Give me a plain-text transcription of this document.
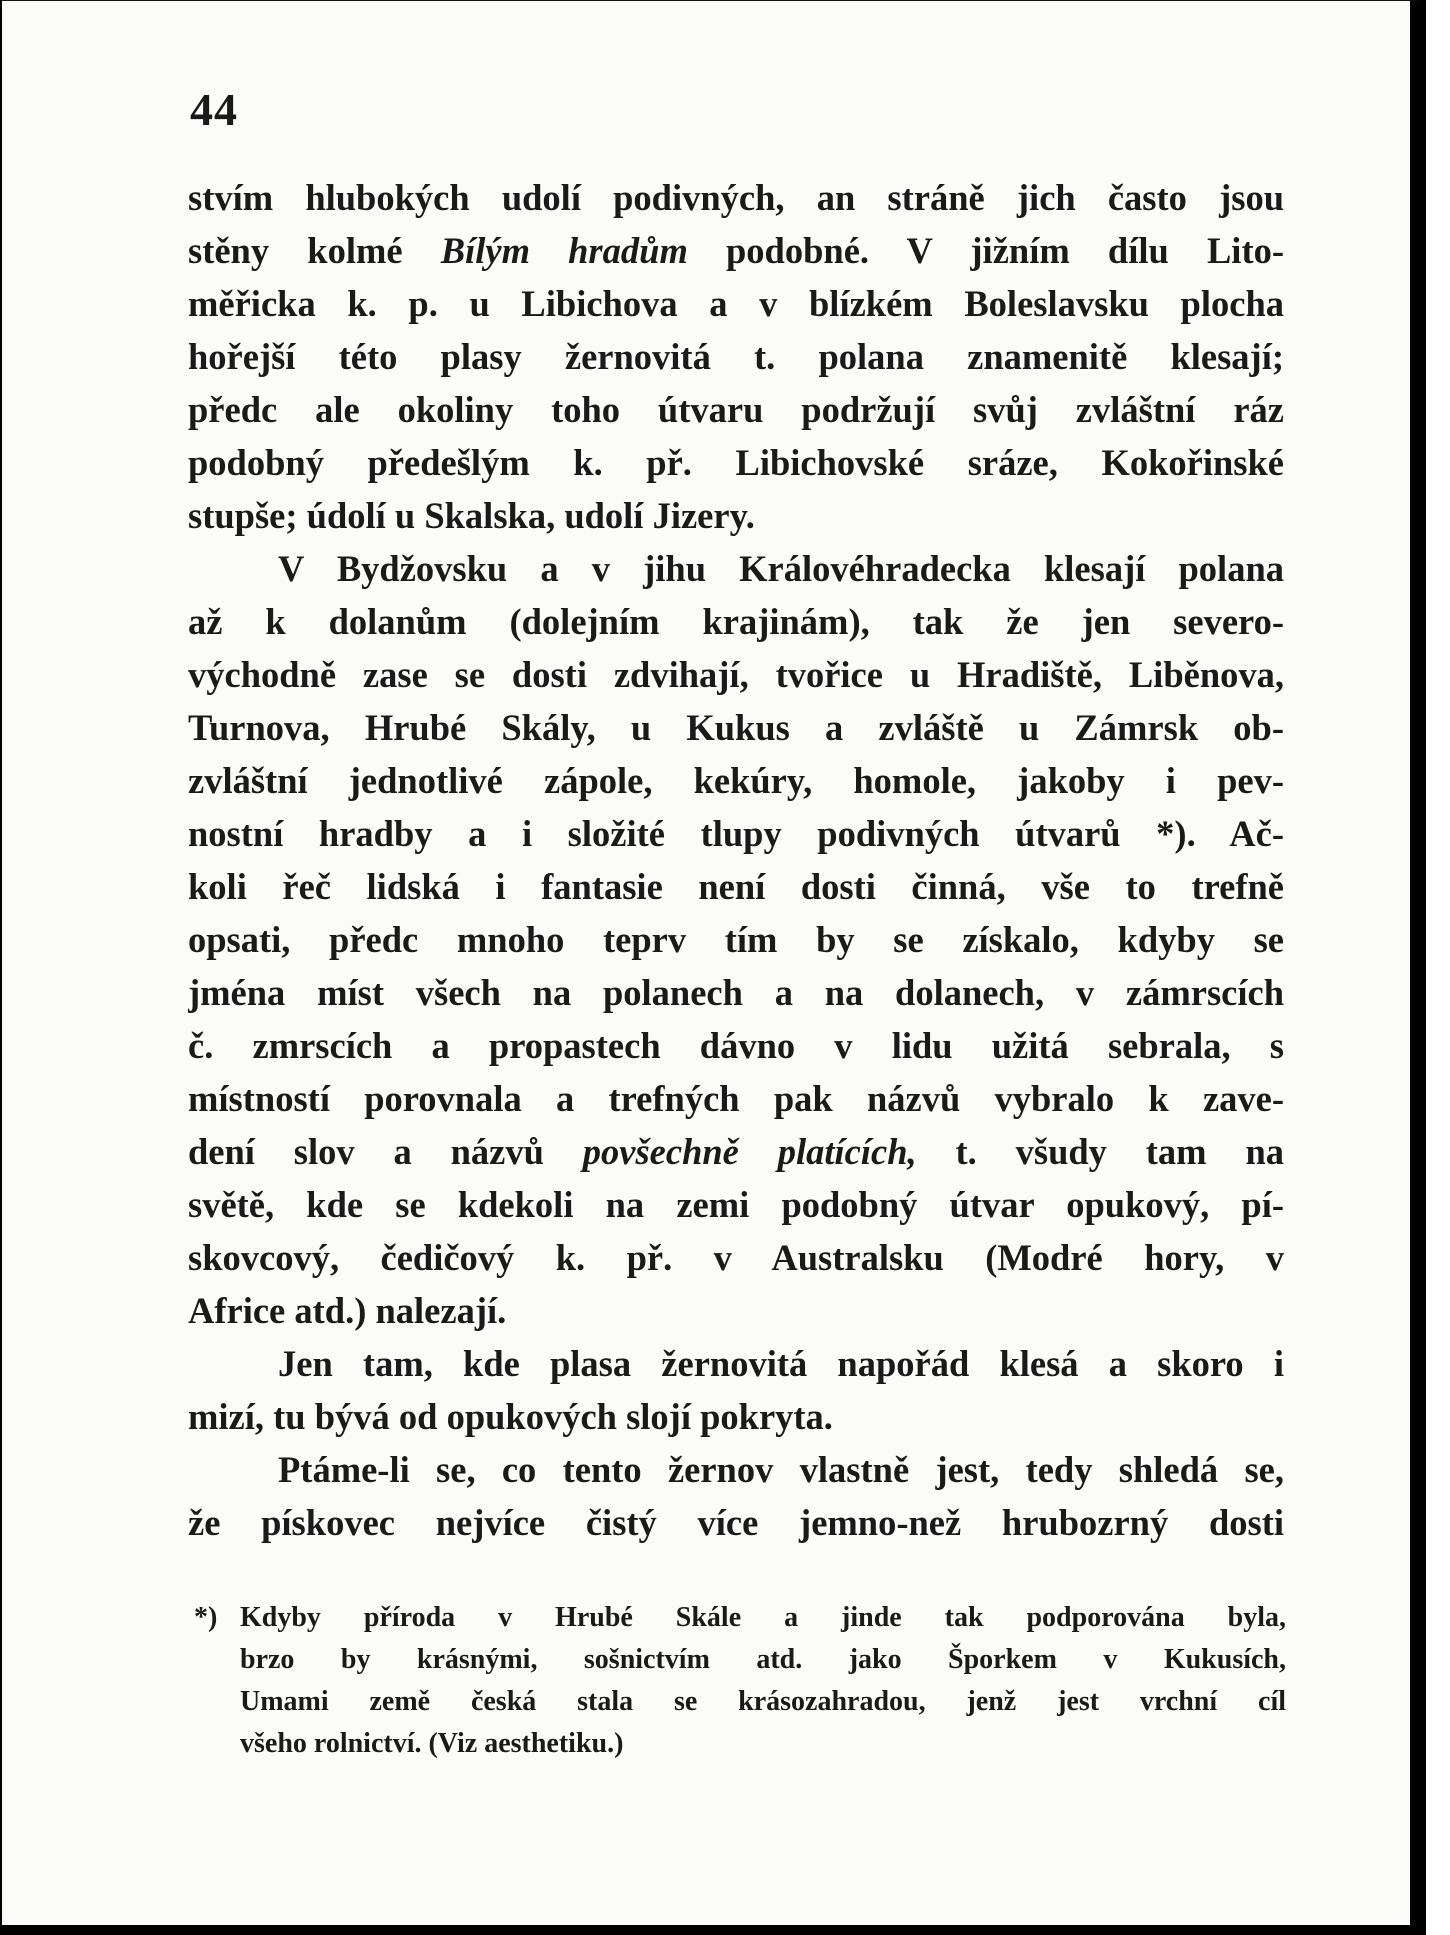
44
stvím hlubokých udolí podivných, an stráně jich často jsou
stěny kolmé Bílým hradům podobné. V jižním dílu Lito-
měřicka k. p. u Libichova a v blízkém Boleslavsku plocha
hořejší této plasy žernovitá t. polana znamenitě klesají;
předc ale okoliny toho útvaru podržují svůj zvláštní ráz
podobný předešlým k. př. Libichovské sráze, Kokořinské
stupše; údolí u Skalska, udolí Jizery.
V Bydžovsku a v jihu Královéhradecka klesají polana
až k dolanům (dolejním krajinám), tak že jen severo-
východně zase se dosti zdvihají, tvořice u Hradiště, Liběnova,
Turnova, Hrubé Skály, u Kukus a zvláště u Zámrsk ob-
zvláštní jednotlivé zápole, kekúry, homole, jakoby i pev-
nostní hradby a i složité tlupy podivných útvarů *). Ač-
koli řeč lidská i fantasie není dosti činná, vše to trefně
opsati, předc mnoho teprv tím by se získalo, kdyby se
jména míst všech na polanech a na dolanech, v zámrscích
č. zmrscích a propastech dávno v lidu užitá sebrala, s
místností porovnala a trefných pak názvů vybralo k zave-
dení slov a názvů povšechně platících, t. všudy tam na
světě, kde se kdekoli na zemi podobný útvar opukový, pí-
skovcový, čedičový k. př. v Australsku (Modré hory, v
Africe atd.) nalezají.
Jen tam, kde plasa žernovitá napořád klesá a skoro i
mizí, tu bývá od opukových slojí pokryta.
Ptáme-li se, co tento žernov vlastně jest, tedy shledá se,
že pískovec nejvíce čistý více jemno-než hrubozrný dosti
*) Kdyby příroda v Hrubé Skále a jinde tak podporována byla,
brzo by krásnými, sošnictvím atd. jako Šporkem v Kukusích,
Umami země česká stala se krásozahradou, jenž jest vrchní cíl
všeho rolnictví. (Viz aesthetiku.)
